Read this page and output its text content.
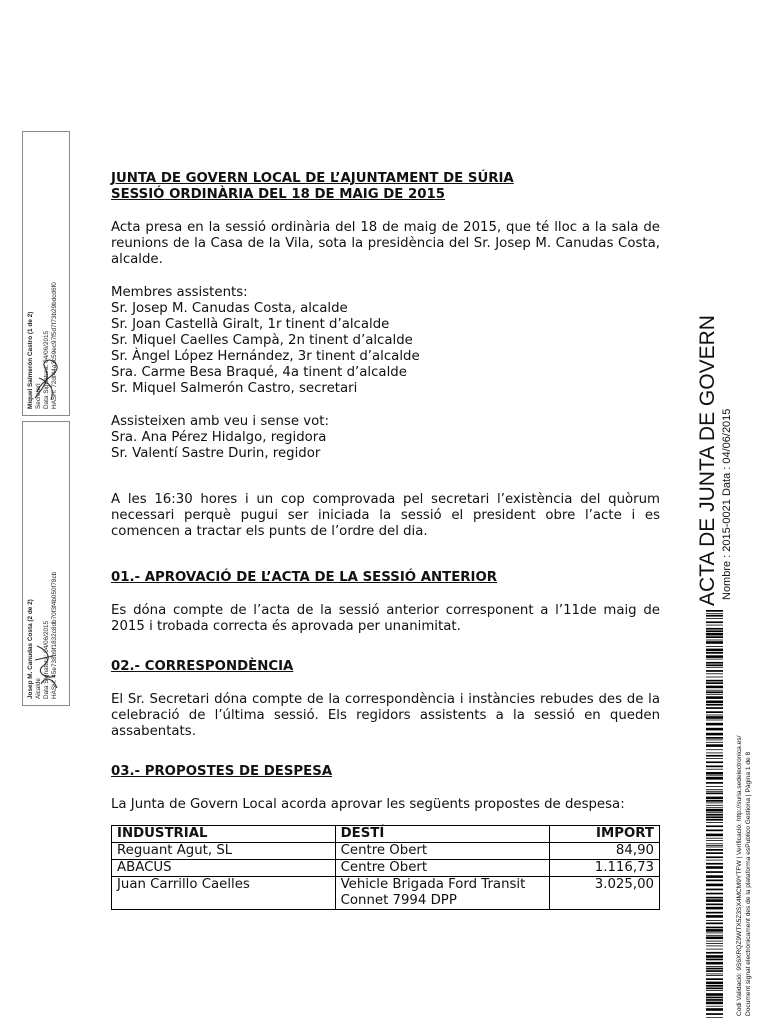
Miquel Salmerón Castro (1 de 2) Secretari Data Signatura: 04/06/2015 HASH: 72df44a3c59ec97f5d7f73b29bdcd6f0
Josep M. Canudas Costa (2 de 2) Alcalde Data Signatura: 04/06/2015 HASH: 45e738b9f1832c8db70f3f4b050f78cb

JUNTA DE GOVERN LOCAL DE L’AJUNTAMENT DE SÚRIA

SESSIÓ ORDINÀRIA DEL 18 DE MAIG DE 2015

Acta presa en la sessió ordinària del 18 de maig de 2015, que té lloc a la sala de reunions de la Casa de la Vila, sota la presidència del Sr. Josep M. Canudas Costa, alcalde.

Membres assistents:

Sr. Josep M. Canudas Costa, alcalde

Sr. Joan Castellà Giralt, 1r tinent d’alcalde

Sr. Miquel Caelles Campà, 2n tinent d’alcalde

Sr. Àngel López Hernández, 3r tinent d’alcalde

Sra. Carme Besa Braqué, 4a tinent d’alcalde

Sr. Miquel Salmerón Castro, secretari

Assisteixen amb veu i sense vot:

Sra. Ana Pérez Hidalgo, regidora

Sr. Valentí Sastre Durin, regidor

A les 16:30 hores i un cop comprovada pel secretari l’existència del quòrum necessari perquè pugui ser iniciada la sessió el president obre l’acte i es comencen a tractar els punts de l’ordre del dia.

01.- APROVACIÓ DE L’ACTA DE LA SESSIÓ ANTERIOR

Es dóna compte de l’acta de la sessió anterior corresponent a l’11de maig de 2015 i trobada correcta és aprovada per unanimitat.

02.- CORRESPONDÈNCIA

El Sr. Secretari dóna compte de la correspondència i instàncies rebudes des de la celebració de l’última sessió. Els regidors assistents a la sessió en queden assabentats.

03.- PROPOSTES DE DESPESA

La Junta de Govern Local acorda aprovar les següents propostes de despesa:

INDUSTRIAL	DESTÍ	IMPORT
Reguant Agut, SL	Centre Obert	84,90
ABACUS	Centre Obert	1.116,73
Juan Carrillo Caelles	Vehicle Brigada Ford Transit Connet 7994 DPP	3.025,00
ACTA DE JUNTA DE GOVERN Nombre : 2015-0021 Data : 04/06/2015
Codi Validació: 9S6XRQZ9WTX5Z3SX4MCM9YTFW | Verificació: http://suria.sedelectronica.es/ Document signat electrònicament des de la plataforma esPublico Gestiona | Pàgina 1 de 8
